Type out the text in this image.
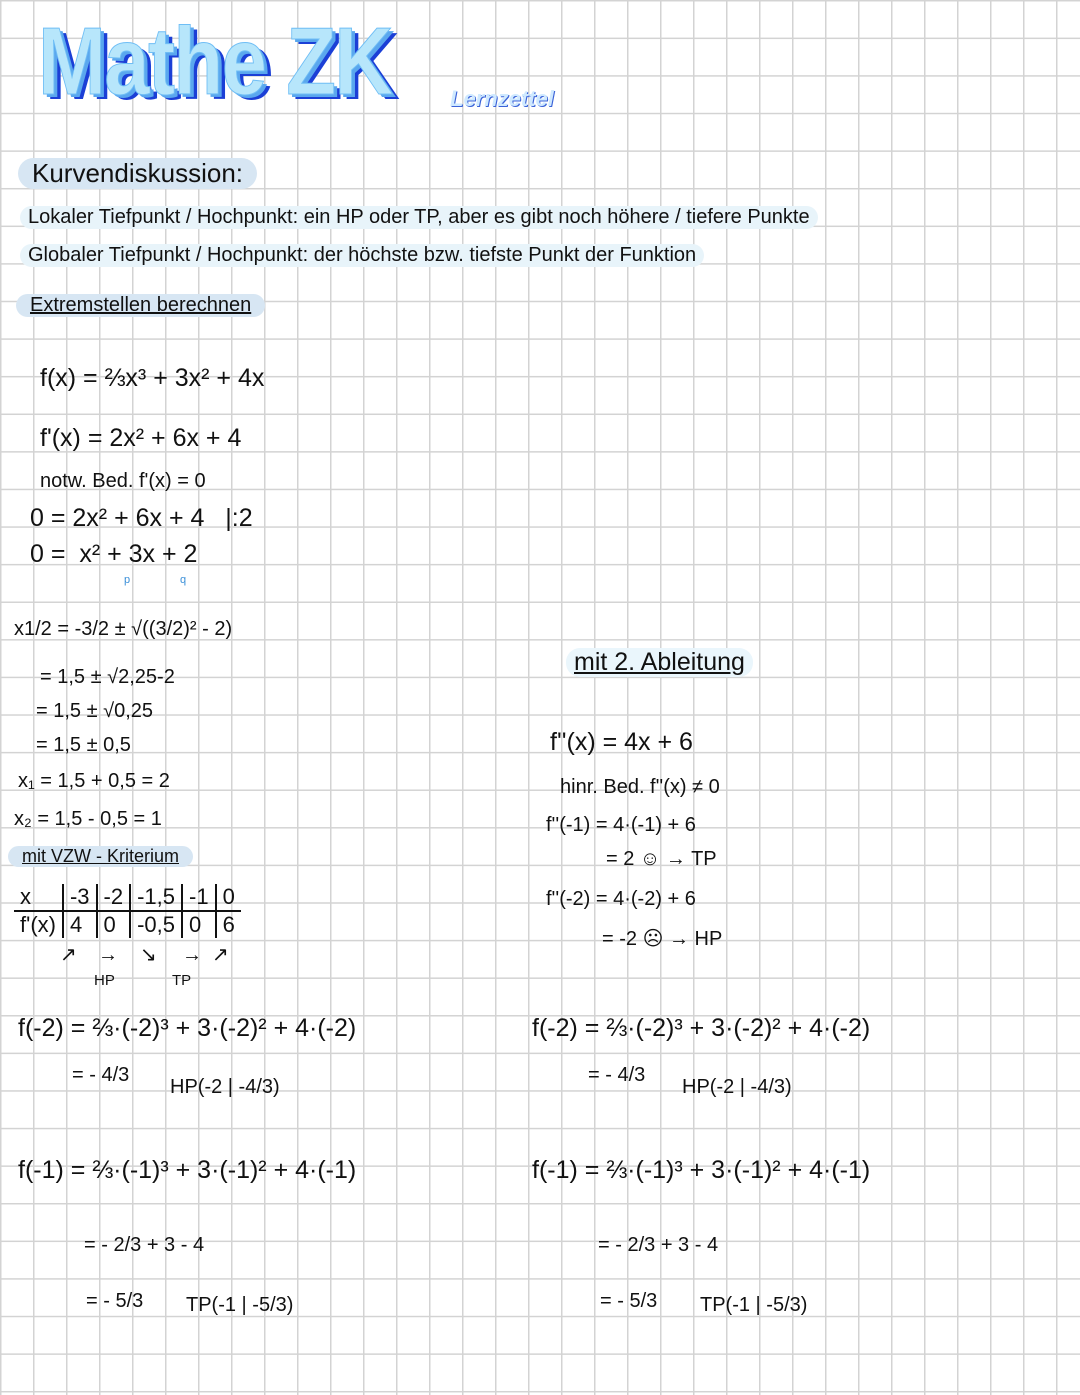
Mathe ZK	Lernzettel
Kurvendiskussion:
Lokaler Tiefpunkt / Hochpunkt: ein HP oder TP, aber es gibt noch höhere / tiefere Punkte
Globaler Tiefpunkt / Hochpunkt: der höchste bzw. tiefste Punkt der Funktion
Extremstellen berechnen
f(x) = ⅔x³ + 3x² + 4x
f'(x) = 2x² + 6x + 4
notw. Bed. f'(x) = 0
0 = 2x² + 6x + 4   |:2
0 =  x² + 3x + 2
p	q
x1/2 = -3/2 ± √((3/2)² - 2)
= 1,5 ± √2,25-2
= 1,5 ± √0,25
= 1,5 ± 0,5
x₁ = 1,5 + 0,5 = 2
x₂ = 1,5 - 0,5 = 1
mit VZW - Kriterium
x	-3	-2	-1,5	-1	0
f'(x)	4	0	-0,5	0	6
↗ → ↘ → ↗
HP	TP
mit 2. Ableitung
f''(x) = 4x + 6
hinr. Bed. f''(x) ≠ 0
f''(-1) = 4·(-1) + 6
= 2 ☺ → TP
f''(-2) = 4·(-2) + 6
= -2 ☹ → HP
f(-2) = ⅔·(-2)³ + 3·(-2)² + 4·(-2)
= - 4/3
HP(-2 | -4/3)
f(-1) = ⅔·(-1)³ + 3·(-1)² + 4·(-1)
= - 2/3 + 3 - 4
= - 5/3 TP(-1 | -5/3)
f(-2) = ⅔·(-2)³ + 3·(-2)² + 4·(-2)
= - 4/3
HP(-2 | -4/3)
f(-1) = ⅔·(-1)³ + 3·(-1)² + 4·(-1)
= - 2/3 + 3 - 4
= - 5/3 TP(-1 | -5/3)
